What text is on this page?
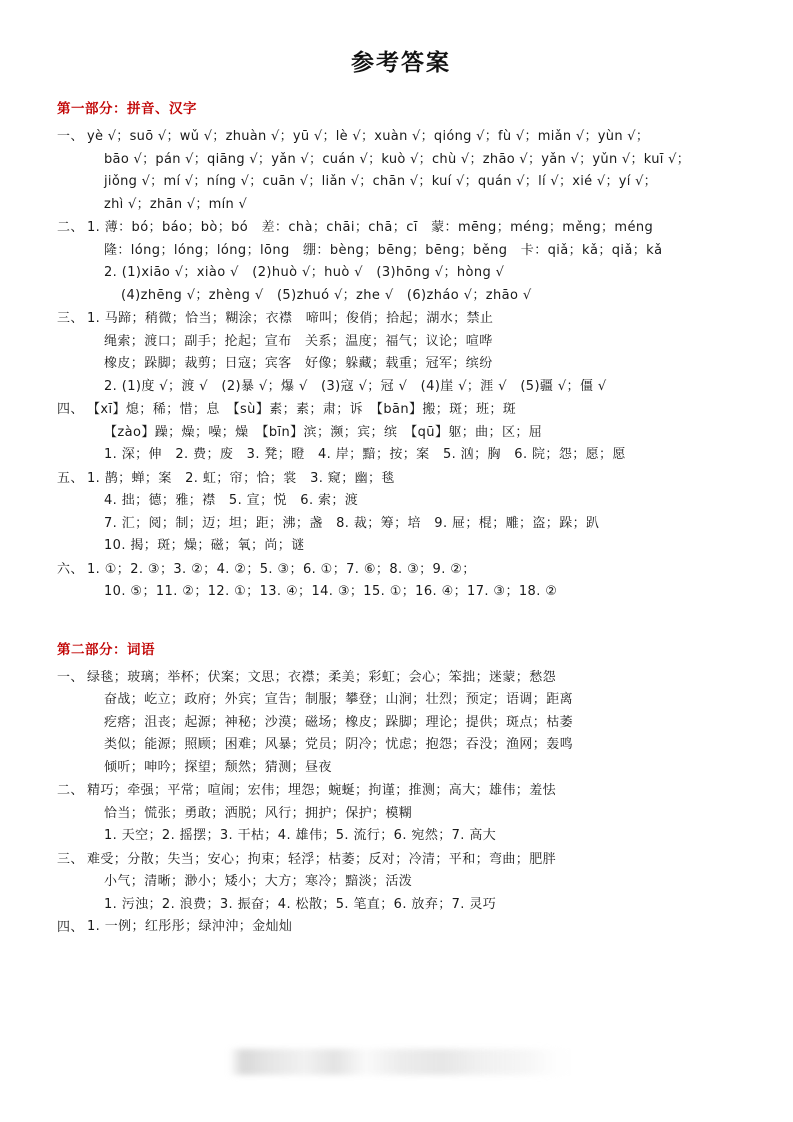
参考答案
第一部分：拼音、汉字
一、 yè √；suō √；wǔ √；zhuàn √；yū √；lè √；xuàn √；qióng √；fù √；miǎn √；yùn √；
bāo √；pán √；qiāng √；yǎn √；cuán √；kuò √；chù √；zhāo √；yǎn √；yǔn √；kuī √；
jiǒng √；mí √；níng √；cuān √；liǎn √；chān √；kuí √；quán √；lí √；xié √；yí √；
zhì √；zhān √；mín √
二、 1. 薄：bó；báo；bò；bó　差：chà；chāi；chā；cī　蒙：mēng；méng；měng；méng
隆：lóng；lóng；lóng；lōng　绷：bèng；bēng；bēng；běng　卡：qiǎ；kǎ；qiǎ；kǎ
2. (1)xiāo √；xiào √　(2)huò √；huò √　(3)hōng √；hòng √
(4)zhēng √；zhèng √　(5)zhuó √；zhe √　(6)zháo √；zhāo √
三、 1. 马蹄；稍微；恰当；糊涂；衣襟　啼叫；俊俏；拾起；湖水；禁止
绳索；渡口；副手；抡起；宣布　关系；温度；福气；议论；喧哗
橡皮；跺脚；裁剪；日寇；宾客　好像；躲藏；载重；冠军；缤纷
2. (1)度 √；渡 √　(2)暴 √；爆 √　(3)寇 √；冠 √　(4)崖 √；涯 √　(5)疆 √；僵 √
四、 【xī】熄；稀；惜；息　【sù】素；素；肃；诉　【bān】搬；斑；班；斑
【zào】躁；燥；噪；燥　【bīn】滨；濒；宾；缤　【qū】躯；曲；区；屈
1. 深；伸　2. 费；废　3. 凳；瞪　4. 岸；黯；按；案　5. 汹；胸　6. 院；怨；愿；愿
五、 1. 鹊；蝉；案　2. 虹；帘；恰；裳　3. 窥；幽；毯
4. 拙；德；雅；襟　5. 宣；悦　6. 索；渡
7. 汇；阅；制；迈；坦；距；沸；盏　8. 裁；筹；培　9. 屉；棍；雕；盗；跺；趴
10. 揭；斑；燥；磁；氧；尚；谜
六、 1. ①；2. ③；3. ②；4. ②；5. ③；6. ①；7. ⑥；8. ③；9. ②；
10. ⑤；11. ②；12. ①；13. ④；14. ③；15. ①；16. ④；17. ③；18. ②
第二部分：词语
一、 绿毯；玻璃；举杯；伏案；文思；衣襟；柔美；彩虹；会心；笨拙；迷蒙；愁怨
奋战；屹立；政府；外宾；宣告；制服；攀登；山涧；壮烈；预定；语调；距离
疙瘩；沮丧；起源；神秘；沙漠；磁场；橡皮；跺脚；理论；提供；斑点；枯萎
类似；能源；照顾；困难；风暴；党员；阴冷；忧虑；抱怨；吞没；渔网；轰鸣
倾听；呻吟；探望；颓然；猜测；昼夜
二、 精巧；牵强；平常；喧闹；宏伟；埋怨；蜿蜒；拘谨；推测；高大；雄伟；羞怯
恰当；慌张；勇敢；洒脱；风行；拥护；保护；模糊
1. 天空；2. 摇摆；3. 干枯；4. 雄伟；5. 流行；6. 宛然；7. 高大
三、 难受；分散；失当；安心；拘束；轻浮；枯萎；反对；冷清；平和；弯曲；肥胖
小气；清晰；渺小；矮小；大方；寒冷；黯淡；活泼
1. 污浊；2. 浪费；3. 振奋；4. 松散；5. 笔直；6. 放弃；7. 灵巧
四、 1. 一例；红彤彤；绿沖沖；金灿灿
